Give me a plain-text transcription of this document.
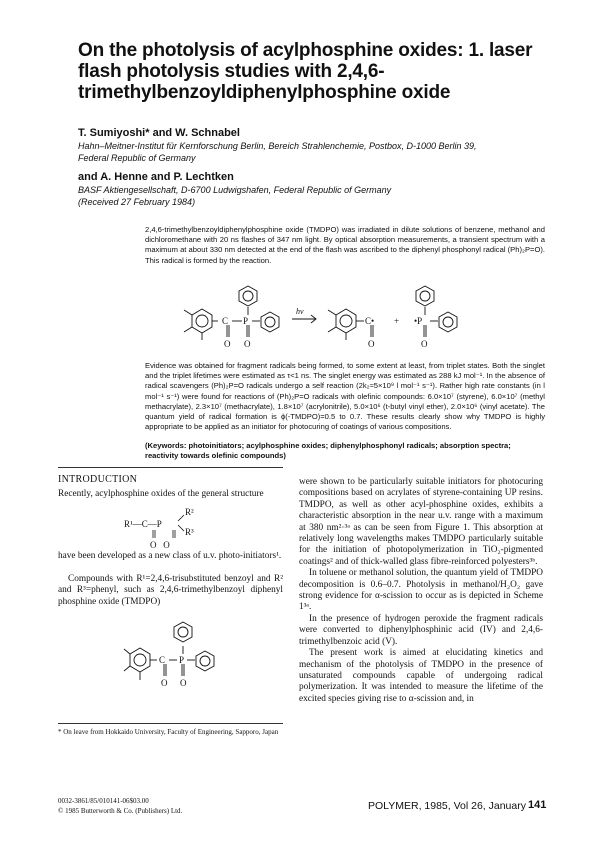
On the photolysis of acylphosphine oxides: 1. laser flash photolysis studies with 2,4,6-trimethylbenzoyldiphenylphosphine oxide
T. Sumiyoshi* and W. Schnabel
Hahn–Meitner-Institut für Kernforschung Berlin, Bereich Strahlenchemie, Postbox, D-1000 Berlin 39, Federal Republic of Germany
and A. Henne and P. Lechtken
BASF Aktiengesellschaft, D-6700 Ludwigshafen, Federal Republic of Germany
(Received 27 February 1984)
2,4,6-trimethylbenzoyldiphenylphosphine oxide (TMDPO) was irradiated in dilute solutions of benzene, methanol and dichloromethane with 20 ns flashes of 347 nm light. By optical absorption measurements, a transient spectrum with a maximum at about 330 nm detected at the end of the flash was ascribed to the diphenyl phosphonyl radical (Ph)₂P=O). This radical is formed by the reaction.
C P
O O
hν
C•
O
+ •P
O
Evidence was obtained for fragment radicals being formed, to some extent at least, from triplet states. Both the singlet and the triplet lifetimes were estimated as τ<1 ns. The singlet energy was estimated as 288 kJ mol⁻¹. In the absence of radical scavengers (Ph)₂P=O radicals undergo a self reaction (2k₂≈5×10⁹ l mol⁻¹ s⁻¹). Rather high rate constants (in l mol⁻¹ s⁻¹) were found for reactions of (Ph)₂P=O radicals with olefinic compounds: 6.0×10⁷ (styrene), 6.0×10⁷ (methyl methacrylate), 2.3×10⁷ (methacrylate), 1.8×10⁷ (acrylonitrile), 5.0×10⁶ (t-butyl vinyl ether), 2.0×10⁶ (vinyl acetate). The quantum yield of radical formation is ϕ(-TMDPO)=0.5 to 0.7. These results clearly show why TMDPO is highly appropriate to be applied as an initiator for photocuring of coatings of various compositions.
(Keywords: photoinitiators; acylphosphine oxides; diphenylphosphonyl radicals; absorption spectra; reactivity towards olefinic compounds)
INTRODUCTION
Recently, acylphosphine oxides of the general structure
R¹—C—P
R²
R³
O   O
have been developed as a new class of u.v. photo-initiators¹.
Compounds with R¹=2,4,6-trisubstituted benzoyl and R² and R³=phenyl, such as 2,4,6-trimethylbenzoyl diphenyl phosphine oxide (TMDPO)
C P
O O
* On leave from Hokkaido University, Faculty of Engineering, Sapporo, Japan

were shown to be particularly suitable initiators for photocuring compositions based on acrylates of styrene-containing UP resins. TMDPO, as well as other acyl-phosphine oxides, exhibits a characteristic absorption in the near u.v. range with a maximum at 380 nm²·³ᵃ as can be seen from Figure 1. This absorption at relatively long wavelengths makes TMDPO particularly suitable for the initiation of photopolymerization in TiO₂-pigmented coatings² and of thick-walled glass fibre-reinforced polyesters³ᵇ.

In toluene or methanol solution, the quantum yield of TMDPO decomposition is 0.6–0.7. Photolysis in methanol/H₂O₂ gave strong evidence for α-scission to occur as is depicted in Scheme 1³ᵃ.

In the presence of hydrogen peroxide the fragment radicals were converted to diphenylphosphinic acid (IV) and 2,4,6-trimethylbenzoic acid (V).

The present work is aimed at elucidating kinetics and mechanism of the photolysis of TMDPO in the presence of unsaturated compounds capable of undergoing radical polymerization. It was intended to measure the lifetime of the excited species giving rise to α-scission and, in

0032-3861/85/010141-06$03.00
© 1985 Butterworth & Co. (Publishers) Ltd.	POLYMER, 1985, Vol 26, January 141
